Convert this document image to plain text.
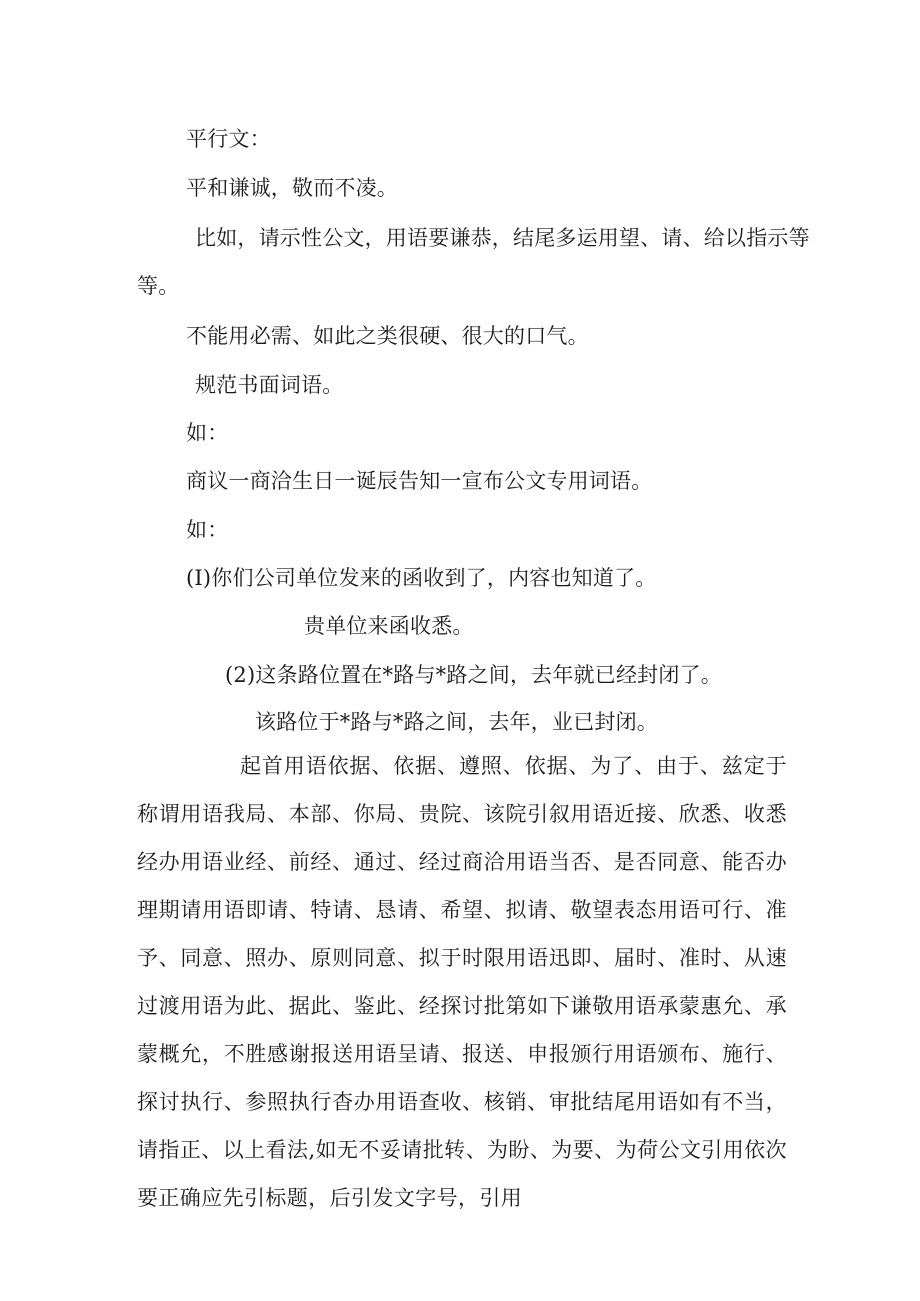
平行文：
平和谦诚，敬而不凌。
比如，请示性公文，用语要谦恭，结尾多运用望、请、给以指示等
等。
不能用必需、如此之类很硬、很大的口气。
规范书面词语。
如：
商议一商洽生日一诞辰告知一宣布公文专用词语。
如：
(I)你们公司单位发来的函收到了，内容也知道了。
贵单位来函收悉。
(2)这条路位置在*路与*路之间，去年就已经封闭了。
该路位于*路与*路之间，去年，业已封闭。
起首用语依据、依据、遵照、依据、为了、由于、兹定于称谓用语我局、本部、你局、贵院、该院引叙用语近接、欣悉、收悉经办用语业经、前经、通过、经过商洽用语当否、是否同意、能否办理期请用语即请、特请、恳请、希望、拟请、敬望表态用语可行、准予、同意、照办、原则同意、拟于时限用语迅即、届时、准时、从速过渡用语为此、据此、鉴此、经探讨批第如下谦敬用语承蒙惠允、承蒙概允，不胜感谢报送用语呈请、报送、申报颁行用语颁布、施行、探讨执行、参照执行杳办用语查收、核销、审批结尾用语如有不当，请指正、以上看法,如无不妥请批转、为盼、为要、为荷公文引用依次要正确应先引标题，后引发文字号，引用
